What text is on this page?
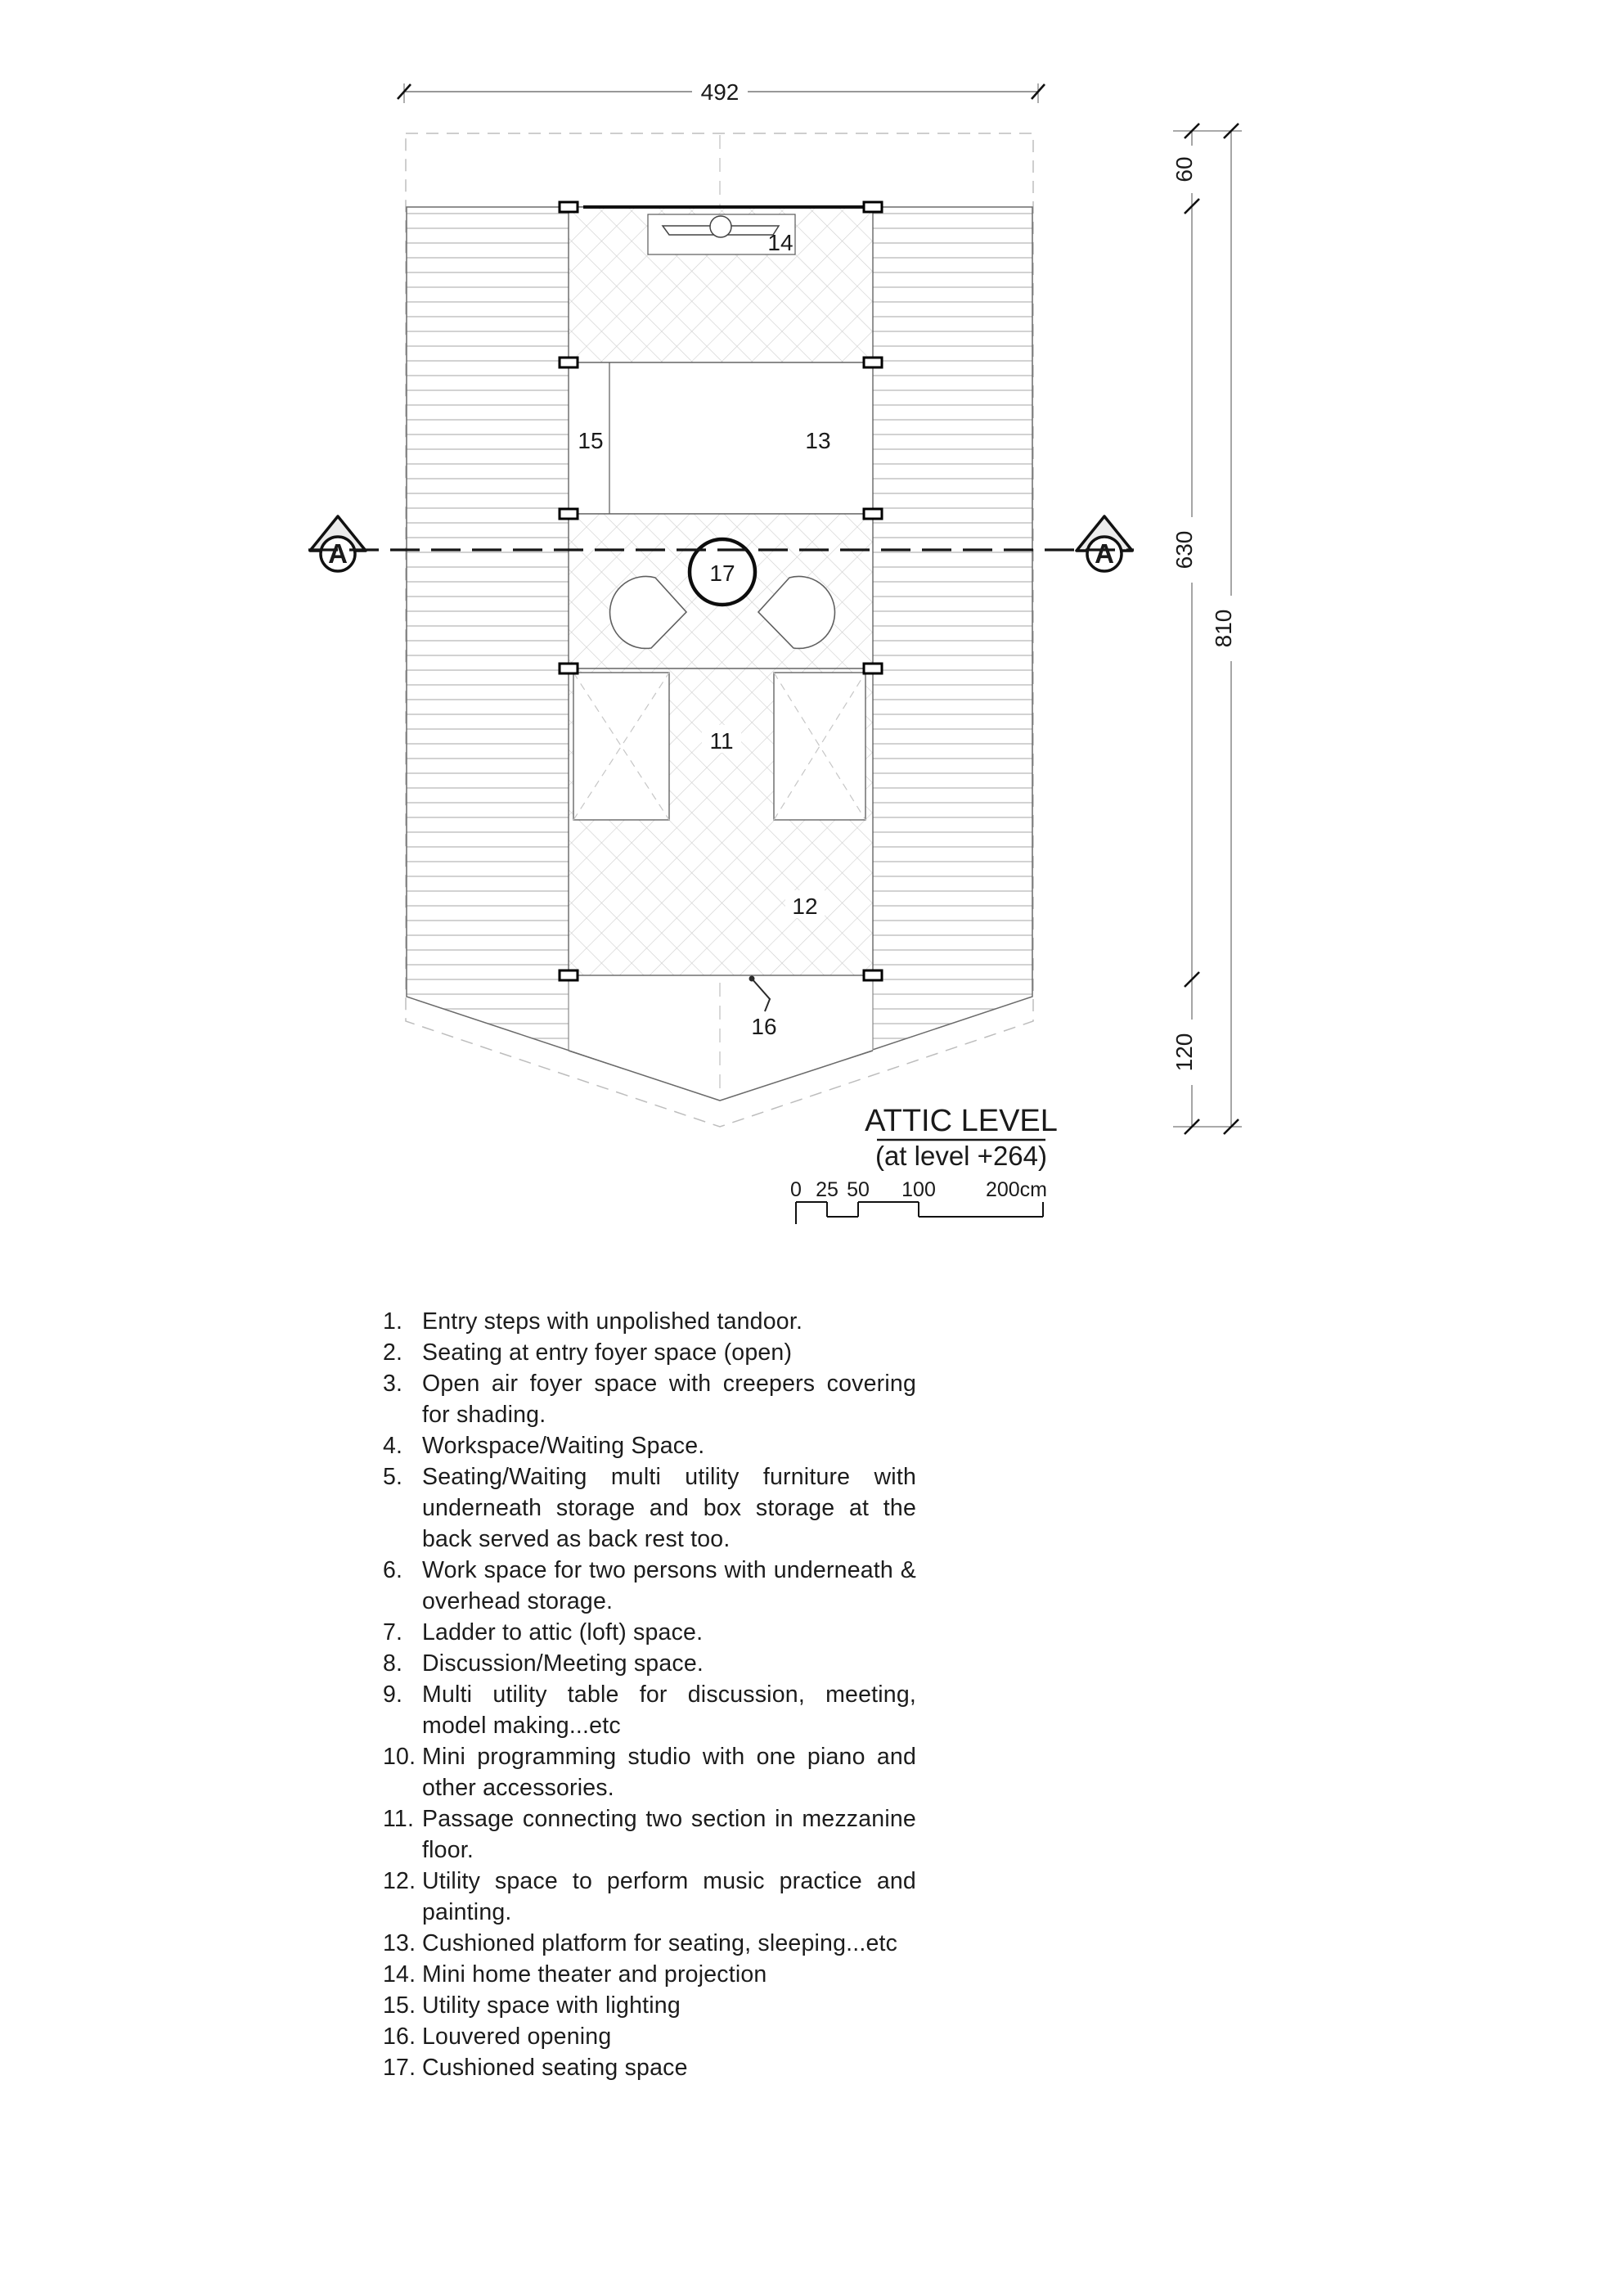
14
15	13
11
12
17
16
A	A
492
60
630
120
810
ATTIC LEVEL
(at level +264)
0 25 50 100 200cm
1. Entry steps with unpolished tandoor.
2. Seating at entry foyer space (open)
3. Open air foyer space with creepers covering for shading.
4. Workspace/Waiting Space.
5. Seating/Waiting multi utility furniture with underneath storage and box storage at the back served as back rest too.
6. Work space for two persons with underneath & overhead storage.
7. Ladder to attic (loft) space.
8. Discussion/Meeting space.
9. Multi utility table for discussion, meeting, model making...etc
10. Mini programming studio with one piano and other accessories.
11. Passage connecting two section in mezzanine floor.
12. Utility space to perform music practice and painting.
13. Cushioned platform for seating, sleeping...etc
14. Mini home theater and projection
15. Utility space with lighting
16. Louvered opening
17. Cushioned seating space
